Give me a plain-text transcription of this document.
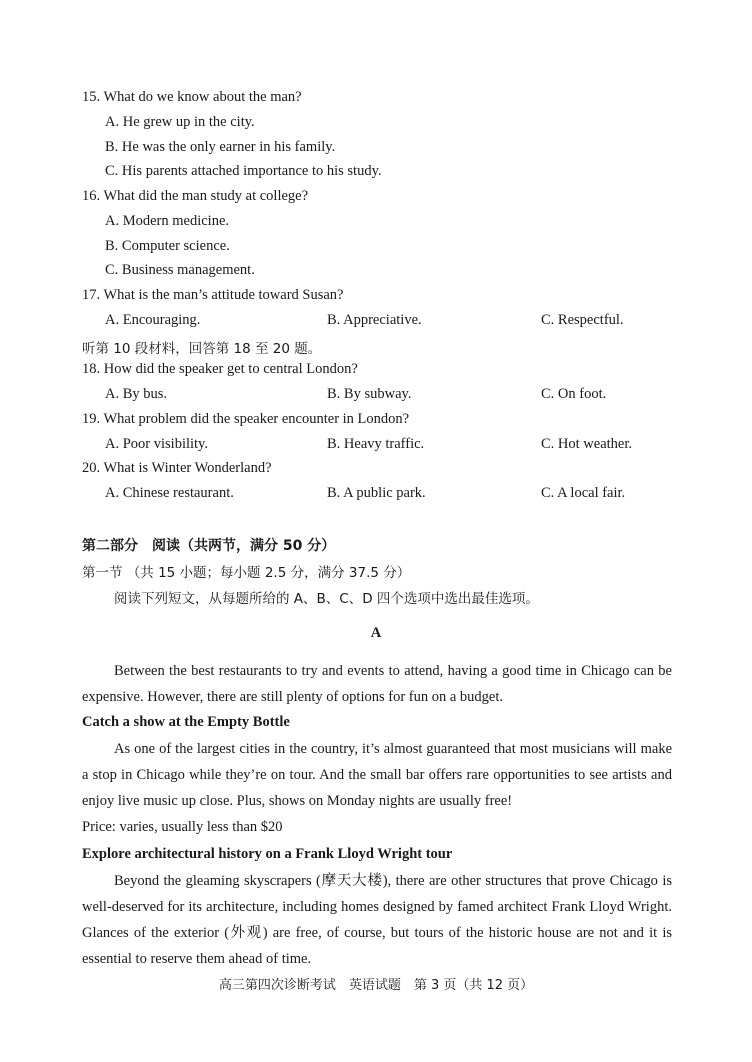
15. What do we know about the man?
A. He grew up in the city.
B. He was the only earner in his family.
C. His parents attached importance to his study.
16. What did the man study at college?
A. Modern medicine.
B. Computer science.
C. Business management.
17. What is the man’s attitude toward Susan?
A. Encouraging.	B. Appreciative.	C. Respectful.
听第 10 段材料，回答第 18 至 20 题。
18. How did the speaker get to central London?
A. By bus.	B. By subway.	C. On foot.
19. What problem did the speaker encounter in London?
A. Poor visibility.	B. Heavy traffic.	C. Hot weather.
20. What is Winter Wonderland?
A. Chinese restaurant.	B. A public park.	C. A local fair.
第二部分　阅读（共两节，满分 50 分）
第一节 （共 15 小题；每小题 2.5 分，满分 37.5 分）
阅读下列短文，从每题所给的 A、B、C、D 四个选项中选出最佳选项。
A
Between the best restaurants to try and events to attend, having a good time in Chicago can be expensive. However, there are still plenty of options for fun on a budget.
Catch a show at the Empty Bottle
As one of the largest cities in the country, it’s almost guaranteed that most musicians will make a stop in Chicago while they’re on tour. And the small bar offers rare opportunities to see artists and enjoy live music up close. Plus, shows on Monday nights are usually free!
Price: varies, usually less than $20
Explore architectural history on a Frank Lloyd Wright tour
Beyond the gleaming skyscrapers (摩天大楼), there are other structures that prove Chicago is well-deserved for its architecture, including homes designed by famed architect Frank Lloyd Wright. Glances of the exterior (外观) are free, of course, but tours of the historic house are not and it is essential to reserve them ahead of time.
高三第四次诊断考试　英语试题　第 3 页（共 12 页）
